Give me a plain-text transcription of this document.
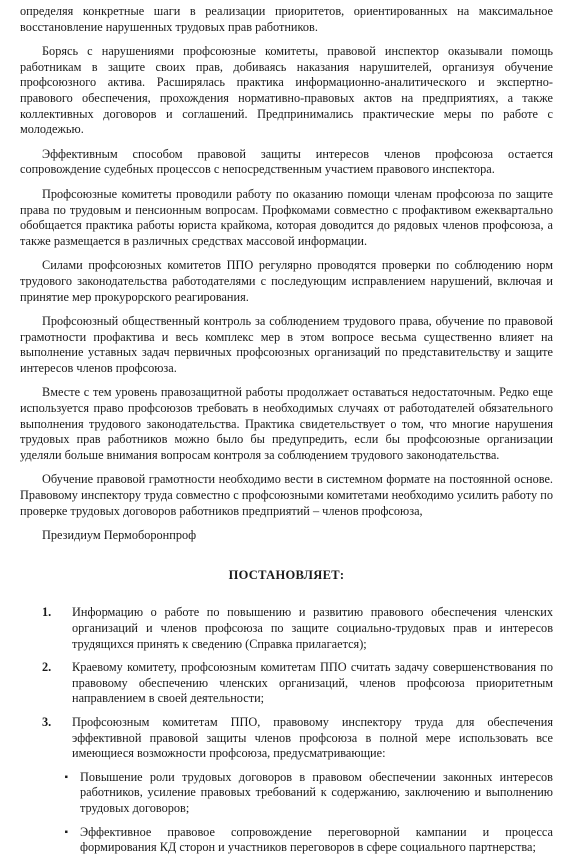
определяя конкретные шаги в реализации приоритетов, ориентированных на максимальное восстановление нарушенных трудовых прав работников.

Борясь с нарушениями профсоюзные комитеты, правовой инспектор оказывали помощь работникам в защите своих прав, добиваясь наказания нарушителей, организуя обучение профсоюзного актива. Расширялась практика информационно-аналитического и экспертно-правового обеспечения, прохождения нормативно-правовых актов на предприятиях, а также коллективных договоров и соглашений. Предпринимались практические меры по работе с молодежью.

Эффективным способом правовой защиты интересов членов профсоюза остается сопровождение судебных процессов с непосредственным участием правового инспектора.

Профсоюзные комитеты проводили работу по оказанию помощи членам профсоюза по защите права по трудовым и пенсионным вопросам. Профкомами совместно с профактивом ежеквартально обобщается практика работы юриста крайкома, которая доводится до рядовых членов профсоюза, а также размещается в различных средствах массовой информации.

Силами профсоюзных комитетов ППО регулярно проводятся проверки по соблюдению норм трудового законодательства работодателями с последующим исправлением нарушений, включая и принятие мер прокурорского реагирования.

Профсоюзный общественный контроль за соблюдением трудового права, обучение по правовой грамотности профактива и весь комплекс мер в этом вопросе весьма существенно влияет на выполнение уставных задач первичных профсоюзных организаций по представительству и защите интересов членов профсоюза.

Вместе с тем уровень правозащитной работы продолжает оставаться недостаточным. Редко еще используется право профсоюзов требовать в необходимых случаях от работодателей обязательного выполнения трудового законодательства. Практика свидетельствует о том, что многие нарушения трудовых прав работников можно было бы предупредить, если бы профсоюзные организации уделяли больше внимания вопросам контроля за соблюдением трудового законодательства.

Обучение правовой грамотности необходимо вести в системном формате на постоянной основе. Правовому инспектору труда совместно с профсоюзными комитетами необходимо усилить работу по проверке трудовых договоров работников предприятий – членов профсоюза,

Президиум Пермоборонпроф

ПОСТАНОВЛЯЕТ:
1.	Информацию о работе по повышению и развитию правового обеспечения членских организаций и членов профсоюза по защите социально-трудовых прав и интересов трудящихся принять к сведению (Справка прилагается);
2.	Краевому комитету, профсоюзным комитетам ППО считать задачу совершенствования по правовому обеспечению членских организаций, членов профсоюза приоритетным направлением в своей деятельности;
3.	Профсоюзным комитетам ППО, правовому инспектору труда для обеспечения эффективной правовой защиты членов профсоюза в полной мере использовать все имеющиеся возможности профсоюза, предусматривающие:
▪ Повышение роли трудовых договоров в правовом обеспечении законных интересов работников, усиление правовых требований к содержанию, заключению и выполнению трудовых договоров;
▪ Эффективное правовое сопровождение переговорной кампании и процесса формирования КД сторон и участников переговоров в сфере социального партнерства;
